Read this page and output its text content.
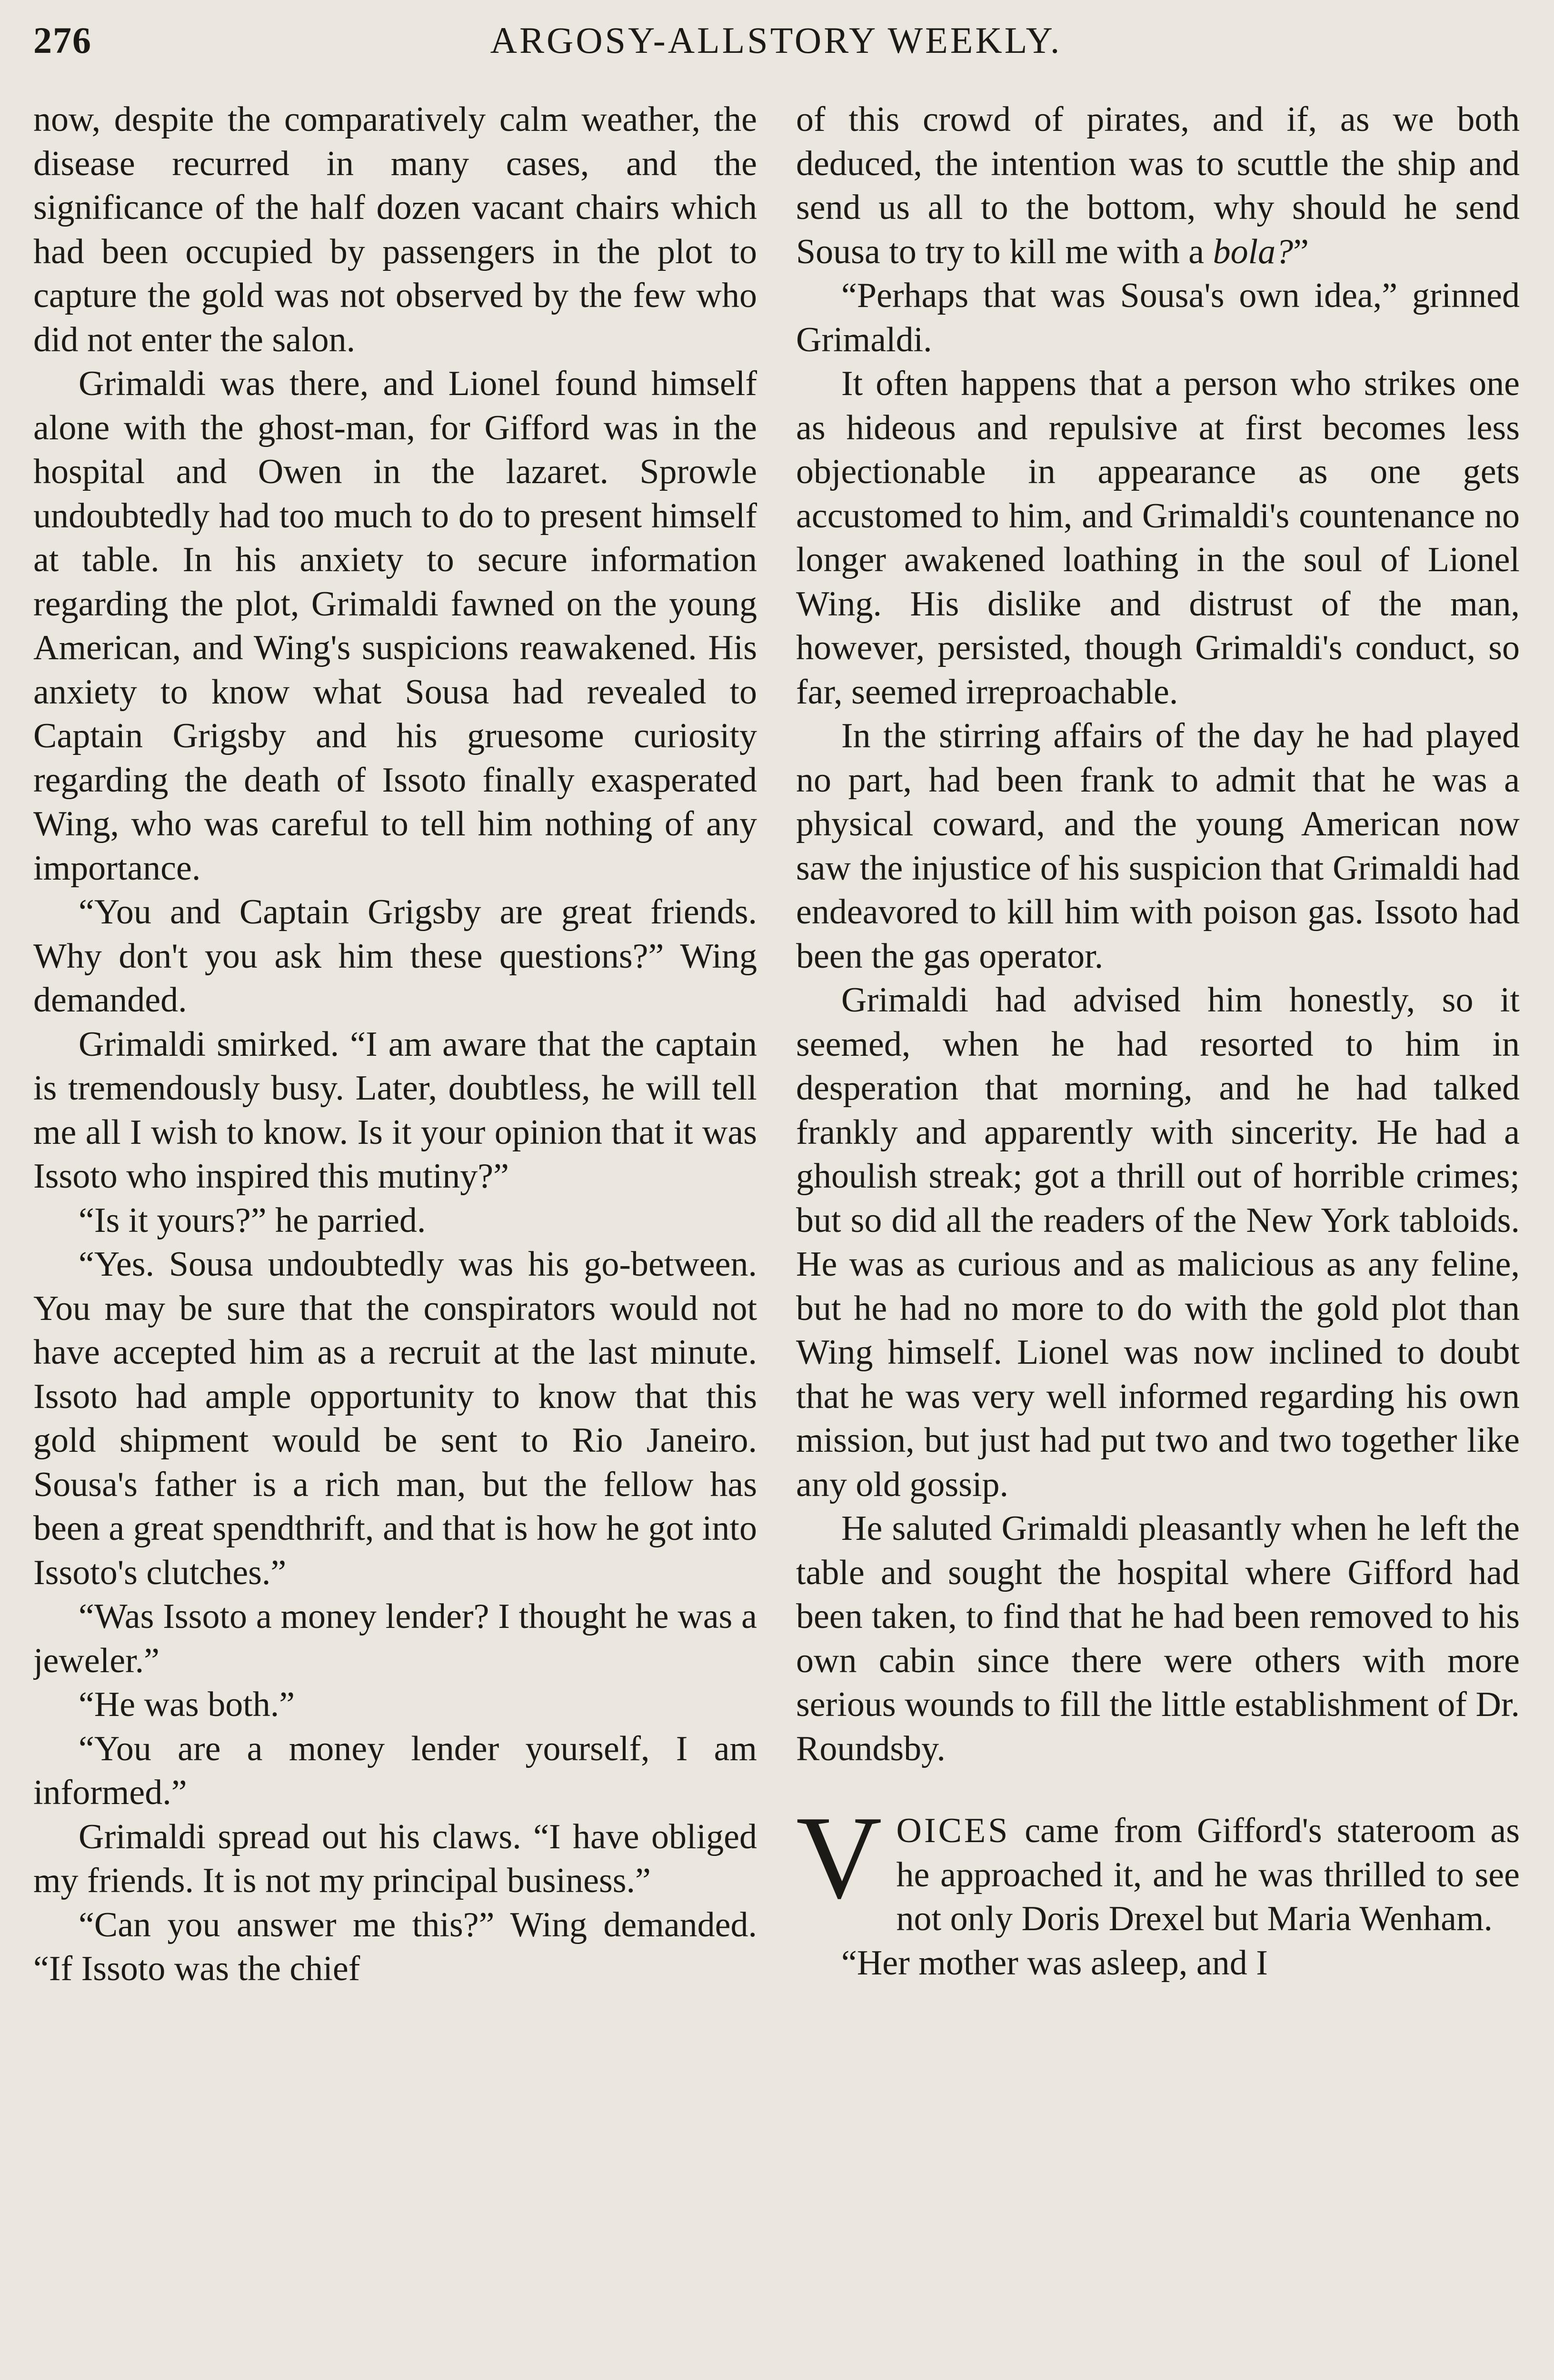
276	ARGOSY-ALLSTORY WEEKLY.

now, despite the comparatively calm weather, the disease recurred in many cases, and the significance of the half dozen vacant chairs which had been occupied by passengers in the plot to capture the gold was not observed by the few who did not enter the salon.

Grimaldi was there, and Lionel found himself alone with the ghost-man, for Gifford was in the hospital and Owen in the lazaret. Sprowle undoubtedly had too much to do to present himself at table. In his anxiety to secure information regarding the plot, Grimaldi fawned on the young American, and Wing's suspicions reawakened. His anxiety to know what Sousa had revealed to Captain Grigsby and his gruesome curiosity regarding the death of Issoto finally exasperated Wing, who was careful to tell him nothing of any importance.

“You and Captain Grigsby are great friends. Why don't you ask him these questions?” Wing demanded.

Grimaldi smirked. “I am aware that the captain is tremendously busy. Later, doubtless, he will tell me all I wish to know. Is it your opinion that it was Issoto who inspired this mutiny?”

“Is it yours?” he parried.

“Yes. Sousa undoubtedly was his go-between. You may be sure that the conspirators would not have accepted him as a recruit at the last minute. Issoto had ample opportunity to know that this gold shipment would be sent to Rio Janeiro. Sousa's father is a rich man, but the fellow has been a great spendthrift, and that is how he got into Issoto's clutches.”

“Was Issoto a money lender? I thought he was a jeweler.”

“He was both.”

“You are a money lender yourself, I am informed.”

Grimaldi spread out his claws. “I have obliged my friends. It is not my principal business.”

“Can you answer me this?” Wing demanded. “If Issoto was the chief

of this crowd of pirates, and if, as we both deduced, the intention was to scuttle the ship and send us all to the bottom, why should he send Sousa to try to kill me with a bola?”

“Perhaps that was Sousa's own idea,” grinned Grimaldi.

It often happens that a person who strikes one as hideous and repulsive at first becomes less objectionable in appearance as one gets accustomed to him, and Grimaldi's countenance no longer awakened loathing in the soul of Lionel Wing. His dislike and distrust of the man, however, persisted, though Grimaldi's conduct, so far, seemed irreproachable.

In the stirring affairs of the day he had played no part, had been frank to admit that he was a physical coward, and the young American now saw the injustice of his suspicion that Grimaldi had endeavored to kill him with poison gas. Issoto had been the gas operator.

Grimaldi had advised him honestly, so it seemed, when he had resorted to him in desperation that morning, and he had talked frankly and apparently with sincerity. He had a ghoulish streak; got a thrill out of horrible crimes; but so did all the readers of the New York tabloids. He was as curious and as malicious as any feline, but he had no more to do with the gold plot than Wing himself. Lionel was now inclined to doubt that he was very well informed regarding his own mission, but just had put two and two together like any old gossip.

He saluted Grimaldi pleasantly when he left the table and sought the hospital where Gifford had been taken, to find that he had been removed to his own cabin since there were others with more serious wounds to fill the little establishment of Dr. Roundsby.

VOICES came from Gifford's stateroom as he approached it, and he was thrilled to see not only Doris Drexel but Maria Wenham.

“Her mother was asleep, and I
